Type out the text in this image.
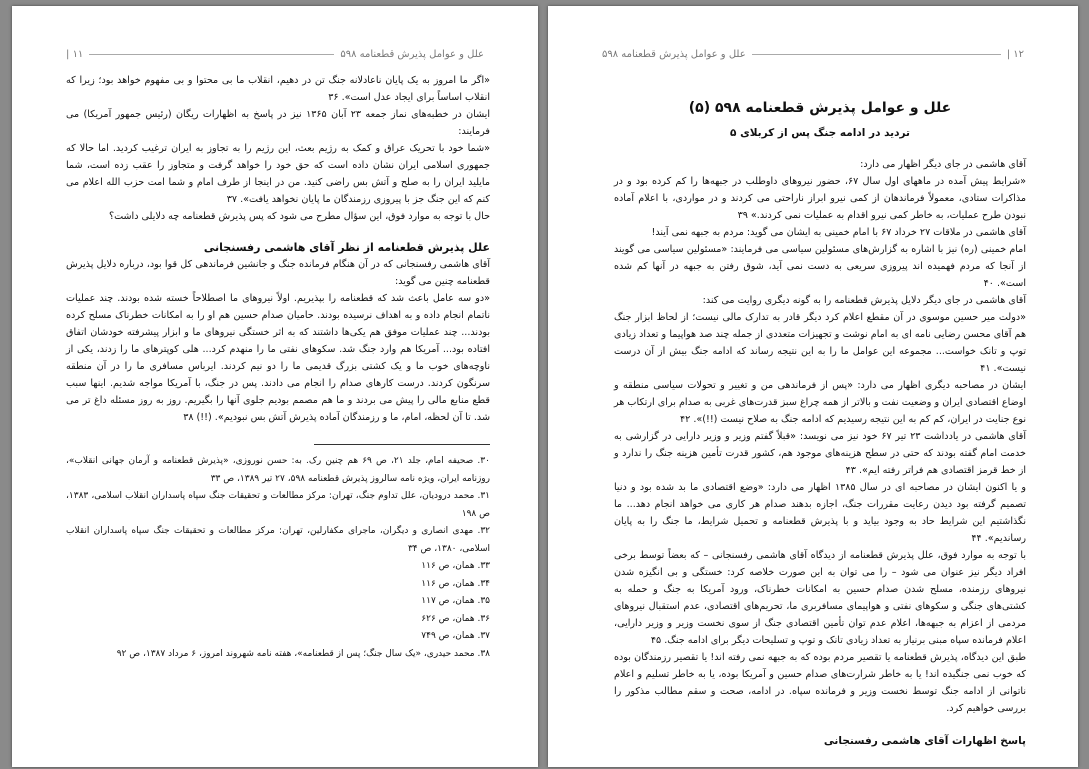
علل و عوامل پذیرش قطعنامه ۵۹۸
۱۱ |

«اگر ما امروز به یک پایان ناعادلانه جنگ تن در دهیم، انقلاب ما بی محتوا و بی مفهوم خواهد بود؛ زیرا که انقلاب اساساً برای ایجاد عدل است». ۳۶

ایشان در خطبه‌های نماز جمعه ۲۳ آبان ۱۳۶۵ نیز در پاسخ به اظهارات ریگان (رئیس جمهور آمریکا) می فرمایند:

«شما خود با تحریک عراق و کمک به رژیم بعث، این رژیم را به تجاوز به ایران ترغیب کردید. اما حالا که جمهوری اسلامی ایران نشان داده است که حق خود را خواهد گرفت و متجاوز را عقب زده است، شما مایلید ایران را به صلح و آتش بس راضی کنید. من در اینجا از طرف امام و شما امت حزب الله اعلام می کنم که این جنگ جز با پیروزی رزمندگان ما پایان نخواهد یافت». ۳۷

حال با توجه به موارد فوق، این سؤال مطرح می شود که پس پذیرش قطعنامه چه دلایلی داشت؟

علل پذیرش قطعنامه از نظر آقای هاشمی رفسنجانی

آقای هاشمی رفسنجانی که در آن هنگام فرمانده جنگ و جانشین فرماندهی کل قوا بود، درباره دلایل پذیرش قطعنامه چنین می گوید:

«دو سه عامل باعث شد که قطعنامه را بپذیریم. اولاً نیروهای ما اصطلاحاً خسته شده بودند. چند عملیات ناتمام انجام داده و به اهداف نرسیده بودند. حامیان صدام حسین هم او را به امکانات خطرناک مسلح کرده بودند... چند عملیات موفق هم یکی‌ها داشتند که به اثر خستگی نیروهای ما و ابزار پیشرفته خودشان اتفاق افتاده بود... آمریکا هم وارد جنگ شد. سکوهای نفتی ما را منهدم کرد... هلی کوپترهای ما را زدند، یکی از ناوچه‌های خوب ما و یک کشتی بزرگ قدیمی ما را دو نیم کردند. ایرباس مسافری ما را در آن منطقه سرنگون کردند. درست کارهای صدام را انجام می دادند. پس در جنگ، با آمریکا مواجه شدیم. اینها سبب قطع منابع مالی را پیش می بردند و ما هم مصمم بودیم جلوی آنها را بگیریم. روز به روز مسئله داغ تر می شد. تا آن لحظه، امام، ما و رزمندگان آماده پذیرش آتش بس نبودیم». (!!) ۳۸

۳۰. صحیفه امام، جلد ۲۱، ص ۶۹ هم چنین رک. به: حسن نوروزی، «پذیرش قطعنامه و آرمان جهانی انقلاب»، روزنامه ایران، ویژه نامه سالروز پذیرش قطعنامه ۵۹۸، ۲۷ تیر ۱۳۸۹، ص ۳۳

۳۱. محمد درودیان، علل تداوم جنگ، تهران: مرکز مطالعات و تحقیقات جنگ سپاه پاسداران انقلاب اسلامی، ۱۳۸۳، ص ۱۹۸

۳۲. مهدی انصاری و دیگران، ماجرای مکفارلین، تهران: مرکز مطالعات و تحقیقات جنگ سپاه پاسداران انقلاب اسلامی، ۱۳۸۰، ص ۳۴

۳۳. همان، ص ۱۱۶

۳۴. همان، ص ۱۱۶

۳۵. همان، ص ۱۱۷

۳۶. همان، ص ۶۲۶

۳۷. همان، ص ۷۴۹

۳۸. محمد حیدری، «یک سال جنگ؛ پس از قطعنامه»، هفته نامه شهروند امروز، ۶ مرداد ۱۳۸۷، ص ۹۲

۱۲ |
علل و عوامل پذیرش قطعنامه ۵۹۸

علل و عوامل پذیرش قطعنامه ۵۹۸ (۵)

تردید در ادامه جنگ پس از کربلای ۵

آقای هاشمی در جای دیگر اظهار می دارد:

«شرایط پیش آمده در ماههای اول سال ۶۷، حضور نیروهای داوطلب در جبهه‌ها را کم کرده بود و در مذاکرات ستادی، معمولاً فرماندهان از کمی نیرو ابراز ناراحتی می کردند و در مواردی، با اعلام آماده نبودن طرح عملیات، به خاطر کمی نیرو اقدام به عملیات نمی کردند.» ۳۹

آقای هاشمی در ملاقات ۲۷ خرداد ۶۷ با امام خمینی به ایشان می گوید: مردم به جبهه نمی آیند!

امام خمینی (ره) نیز با اشاره به گزارش‌های مسئولین سیاسی می فرمایند: «مسئولین سیاسی می گویند از آنجا که مردم فهمیده اند پیروزی سریعی به دست نمی آید، شوق رفتن به جبهه در آنها کم شده است». ۴۰

آقای هاشمی در جای دیگر دلایل پذیرش قطعنامه را به گونه دیگری روایت می کند:

«دولت میر حسین موسوی در آن مقطع اعلام کرد دیگر قادر به تدارک مالی نیست؛ از لحاظ ابزار جنگ هم آقای محسن رضایی نامه ای به امام نوشت و تجهیزات متعددی از جمله چند صد هواپیما و تعداد زیادی توپ و تانک خواست... مجموعه این عوامل ما را به این نتیجه رساند که ادامه جنگ بیش از آن درست نیست». ۴۱

ایشان در مصاحبه دیگری اظهار می دارد: «پس از فرماندهی من و تغییر و تحولات سیاسی منطقه و اوضاع اقتصادی ایران و وضعیت نفت و بالاتر از همه چراغ سبز قدرت‌های غربی به صدام برای ارتکاب هر نوع جنایت در ایران، کم کم به این نتیجه رسیدیم که ادامه جنگ به صلاح نیست (!!)». ۴۲

آقای هاشمی در یادداشت ۲۳ تیر ۶۷ خود نیز می نویسد: «قبلاً گفتم وزیر و وزیر دارایی در گزارشی به خدمت امام گفته بودند که حتی در سطح هزینه‌های موجود هم، کشور قدرت تأمین هزینه جنگ را ندارد و از خط قرمز اقتصادی هم فراتر رفته ایم». ۴۳

و یا اکنون ایشان در مصاحبه ای در سال ۱۳۸۵ اظهار می دارد: «وضع اقتصادی ما بد شده بود و دنیا تصمیم گرفته بود دیدن رعایت مقررات جنگ، اجازه بدهند صدام هر کاری می خواهد انجام دهد... ما نگذاشتیم این شرایط حاد به وجود بیاید و با پذیرش قطعنامه و تحمیل شرایط، ما جنگ را به پایان رساندیم». ۴۴

با توجه به موارد فوق، علل پذیرش قطعنامه از دیدگاه آقای هاشمی رفسنجانی – که بعضاً توسط برخی افراد دیگر نیز عنوان می شود – را می توان به این صورت خلاصه کرد: خستگی و بی انگیزه شدن نیروهای رزمنده، مسلح شدن صدام حسین به امکانات خطرناک، ورود آمریکا به جنگ و حمله به کشتی‌های جنگی و سکوهای نفتی و هواپیمای مسافربری ما، تحریم‌های اقتصادی، عدم استقبال نیروهای مردمی از اعزام به جبهه‌ها، اعلام عدم توان تأمین اقتصادی جنگ از سوی نخست وزیر و وزیر دارایی، اعلام فرمانده سپاه مبنی برنیاز به تعداد زیادی تانک و توپ و تسلیحات دیگر برای ادامه جنگ. ۴۵

طبق این دیدگاه، پذیرش قطعنامه یا تقصیر مردم بوده که به جبهه نمی رفته اند! یا تقصیر رزمندگان بوده که خوب نمی جنگیده اند! یا به خاطر شرارت‌های صدام حسین و آمریکا بوده، یا به خاطر تسلیم و اعلام ناتوانی از ادامه جنگ توسط نخست وزیر و فرمانده سپاه. در ادامه، صحت و سقم مطالب مذکور را بررسی خواهیم کرد.

پاسخ اظهارات آقای هاشمی رفسنجانی
